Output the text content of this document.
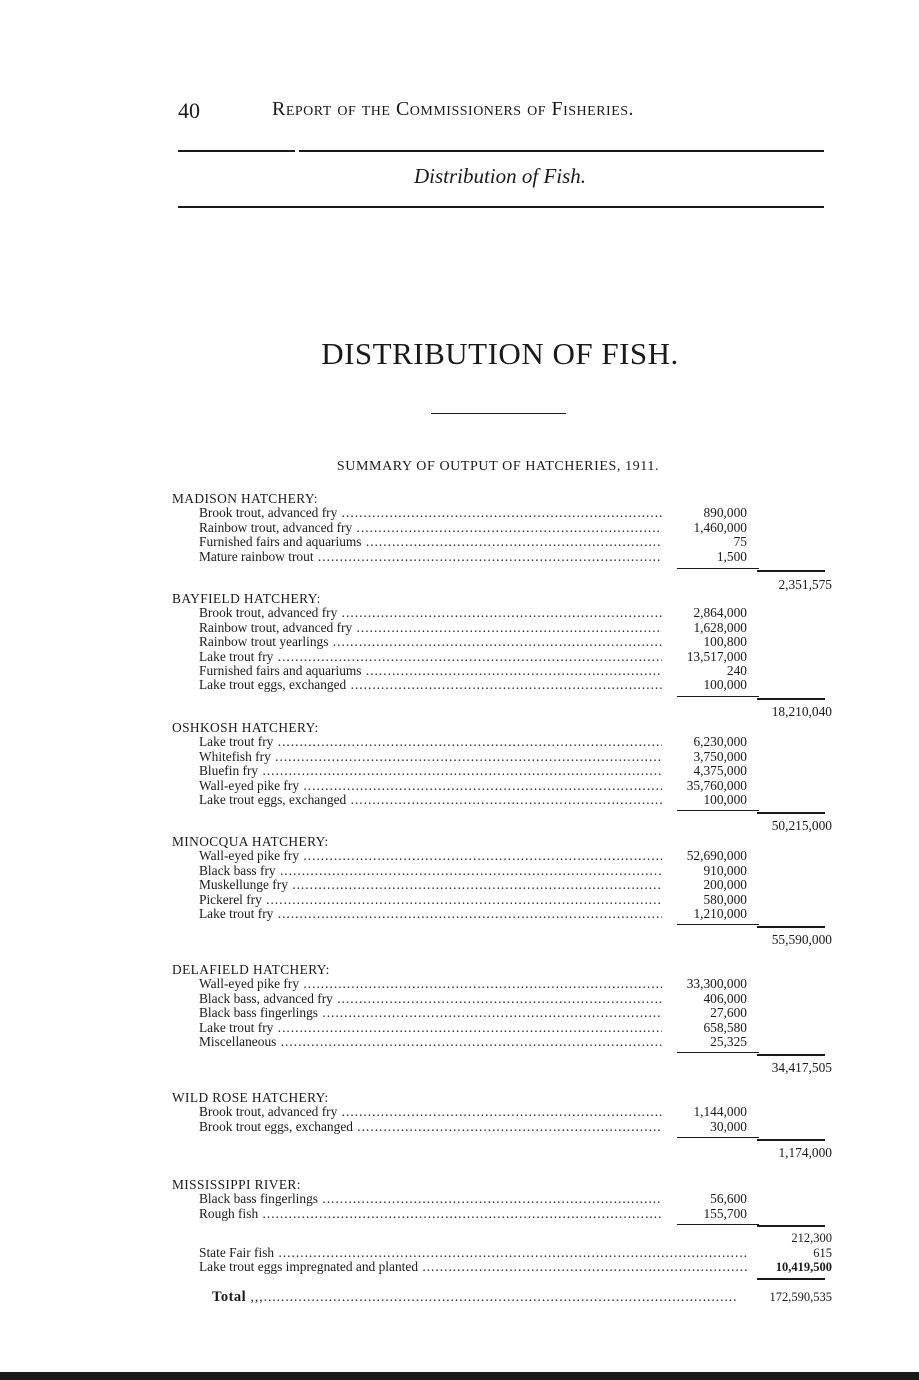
40	Report of the Commissioners of Fisheries.
Distribution of Fish.
DISTRIBUTION OF FISH.
SUMMARY OF OUTPUT OF HATCHERIES, 1911.
MADISON HATCHERY:
Brook trout, advanced fry .....	890,000
Rainbow trout, advanced fry .....	1,460,000
Furnished fairs and aquariums .....	75
Mature rainbow trout .....	1,500
2,351,575
BAYFIELD HATCHERY:
Brook trout, advanced fry .....	2,864,000
Rainbow trout, advanced fry .....	1,628,000
Rainbow trout yearlings .....	100,800
Lake trout fry .....	13,517,000
Furnished fairs and aquariums .....	240
Lake trout eggs, exchanged .....	100,000
18,210,040
OSHKOSH HATCHERY:
Lake trout fry .....	6,230,000
Whitefish fry .....	3,750,000
Bluefin fry .....	4,375,000
Wall-eyed pike fry .....	35,760,000
Lake trout eggs, exchanged .....	100,000
50,215,000
MINOCQUA HATCHERY:
Wall-eyed pike fry .....	52,690,000
Black bass fry .....	910,000
Muskellunge fry .....	200,000
Pickerel fry .....	580,000
Lake trout fry .....	1,210,000
55,590,000
DELAFIELD HATCHERY:
Wall-eyed pike fry .....	33,300,000
Black bass, advanced fry .....	406,000
Black bass fingerlings .....	27,600
Lake trout fry .....	658,580
Miscellaneous .....	25,325
34,417,505
WILD ROSE HATCHERY:
Brook trout, advanced fry .....	1,144,000
Brook trout eggs, exchanged .....	30,000
1,174,000
MISSISSIPPI RIVER:
Black bass fingerlings .....	56,600
Rough fish .....	155,700
212,300
State Fair fish .....	615
Lake trout eggs impregnated and planted .....	10,419,500
Total ,,,.............................................................................................................	172,590,535
